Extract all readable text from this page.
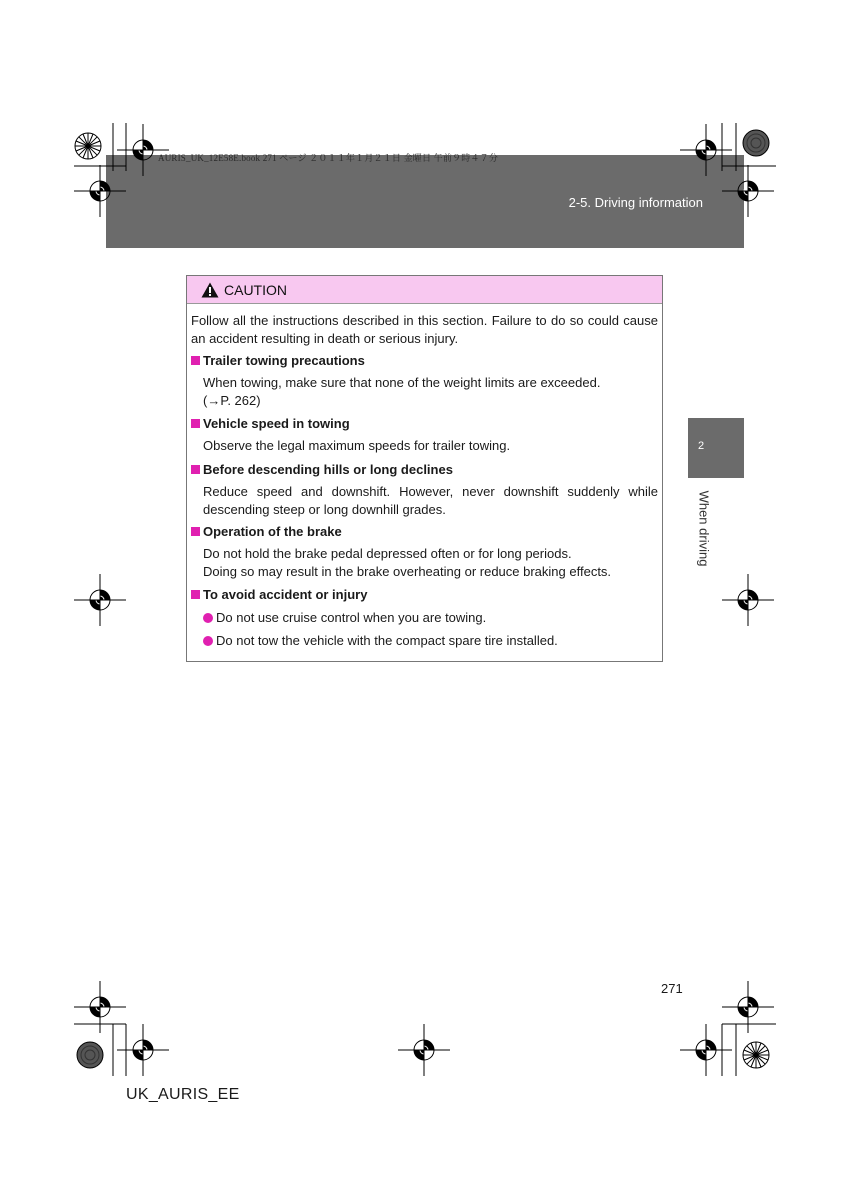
AURIS_UK_12E58E.book 271 ページ ２０１１年１月２１日 金曜日 午前９時４７分
2-5. Driving information
2
When driving
CAUTION
Follow all the instructions described in this section. Failure to do so could cause an accident resulting in death or serious injury.
Trailer towing precautions
When towing, make sure that none of the weight limits are exceeded.
(→P. 262)
Vehicle speed in towing
Observe the legal maximum speeds for trailer towing.
Before descending hills or long declines
Reduce speed and downshift. However, never downshift suddenly while descending steep or long downhill grades.
Operation of the brake
Do not hold the brake pedal depressed often or for long periods.
Doing so may result in the brake overheating or reduce braking effects.
To avoid accident or injury
Do not use cruise control when you are towing.
Do not tow the vehicle with the compact spare tire installed.
271
UK_AURIS_EE
